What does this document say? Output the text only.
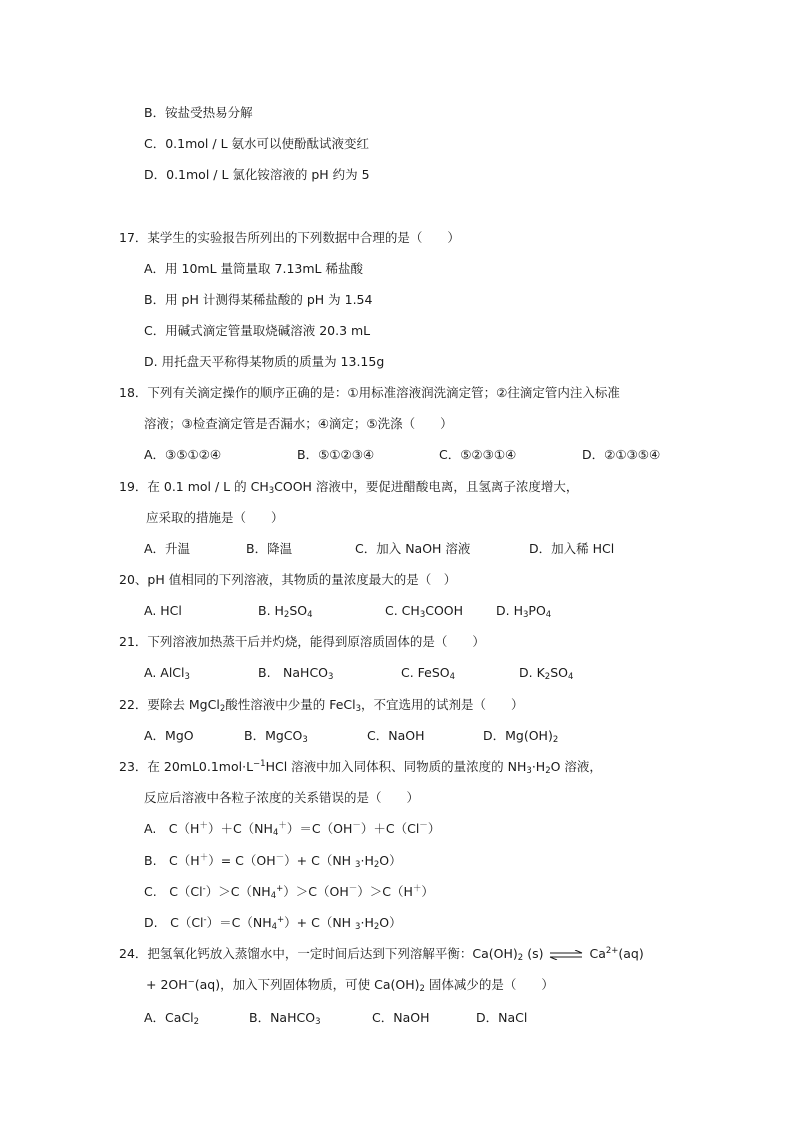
B．铵盐受热易分解
C．0.1mol / L 氨水可以使酚酞试液变红
D．0.1mol / L 氯化铵溶液的 pH 约为 5
17．某学生的实验报告所列出的下列数据中合理的是（　　）
A．用 10mL 量筒量取 7.13mL 稀盐酸
B．用 pH 计测得某稀盐酸的 pH 为 1.54
C．用碱式滴定管量取烧碱溶液 20.3 mL
D. 用托盘天平称得某物质的质量为 13.15g
18．下列有关滴定操作的顺序正确的是：①用标准溶液润洗滴定管；②往滴定管内注入标准
溶液；③检查滴定管是否漏水；④滴定；⑤洗涤（　　）
A．③⑤①②④	B．⑤①②③④	C．⑤②③①④	D．②①③⑤④
19．在 0.1 mol / L 的 $CH_3COOH$ 溶液中，要促进醋酸电离，且氢离子浓度增大，
应采取的措施是（　　）
A．升温	B．降温	C．加入 NaOH 溶液	D．加入稀 HCl
20、pH 值相同的下列溶液，其物质的量浓度最大的是（　）
A. HCl	B. $H_2SO_4$	C. $CH_3COOH$	D. $H_3PO_4$
21．下列溶液加热蒸干后并灼烧，能得到原溶质固体的是（　　）
A. AlCl$_3$	B.　NaHCO$_3$	C. FeSO$_4$	D. $K_2SO_4$
22．要除去 MgCl$_2$酸性溶液中少量的 FeCl$_3$，不宜选用的试剂是（　　）
A．MgO	B．MgCO$_3$	C．NaOH	D．$Mg(OH)_2$
23．在 $20mL0.1mol\cdot L^{-1}HCl$ 溶液中加入同体积、同物质的量浓度的 $NH_3\cdot H_2O$ 溶液，
反应后溶液中各粒子浓度的关系错误的是（　　）
A.　$C(H^+)+C(NH_4^+)=C(OH^-)+C(Cl^-)$
B.　C（H＋）= C（OH－）+ C（NH $_3\cdot H_2O$）
C.　$C(Cl^-)>C(NH_4^+)>C(OH^-)>C(H^+)$
D.　$C(Cl^-)=C(NH_4^+)+ C(NH$ $_3\cdot H_2O$）
24．把氢氧化钙放入蒸馏水中，一定时间后达到下列溶解平衡：$Ca(OH)_2$ (s) ⇌ $Ca^{2+}(aq)$
+ 2OH−(aq)，加入下列固体物质，可使 $Ca(OH)_2$ 固体减少的是（　　）
A．CaCl$_2$	B．NaHCO$_3$	C．NaOH	D．NaCl
